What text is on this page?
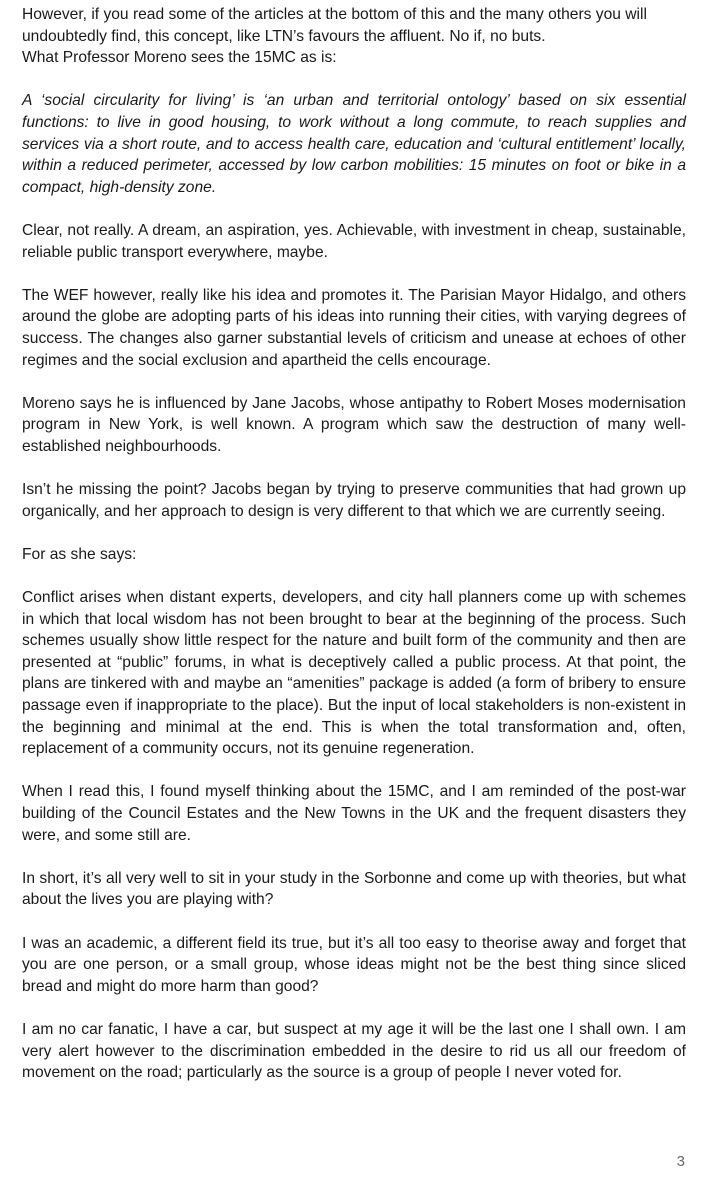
However, if you read some of the articles at the bottom of this and the many others you will undoubtedly find, this concept, like LTN’s favours the affluent. No if, no buts.
What Professor Moreno sees the 15MC as is:

A ‘social circularity for living’ is ‘an urban and territorial ontology’ based on six essential functions: to live in good housing, to work without a long commute, to reach supplies and services via a short route, and to access health care, education and ‘cultural entitlement’ locally, within a reduced perimeter, accessed by low carbon mobilities: 15 minutes on foot or bike in a compact, high-density zone.

Clear, not really. A dream, an aspiration, yes. Achievable, with investment in cheap, sustainable, reliable public transport everywhere, maybe.

The WEF however, really like his idea and promotes it. The Parisian Mayor Hidalgo, and others around the globe are adopting parts of his ideas into running their cities, with varying degrees of success. The changes also garner substantial levels of criticism and unease at echoes of other regimes and the social exclusion and apartheid the cells encourage.

Moreno says he is influenced by Jane Jacobs, whose antipathy to Robert Moses modernisation program in New York, is well known. A program which saw the destruction of many well-established neighbourhoods.

Isn’t he missing the point? Jacobs began by trying to preserve communities that had grown up organically, and her approach to design is very different to that which we are currently seeing.

For as she says:

Conflict arises when distant experts, developers, and city hall planners come up with schemes in which that local wisdom has not been brought to bear at the beginning of the process. Such schemes usually show little respect for the nature and built form of the community and then are presented at “public” forums, in what is deceptively called a public process. At that point, the plans are tinkered with and maybe an “amenities” package is added (a form of bribery to ensure passage even if inappropriate to the place). But the input of local stakeholders is non-existent in the beginning and minimal at the end. This is when the total transformation and, often, replacement of a community occurs, not its genuine regeneration.

When I read this, I found myself thinking about the 15MC, and I am reminded of the post-war building of the Council Estates and the New Towns in the UK and the frequent disasters they were, and some still are.

In short, it’s all very well to sit in your study in the Sorbonne and come up with theories, but what about the lives you are playing with?

I was an academic, a different field its true, but it’s all too easy to theorise away and forget that you are one person, or a small group, whose ideas might not be the best thing since sliced bread and might do more harm than good?

I am no car fanatic, I have a car, but suspect at my age it will be the last one I shall own. I am very alert however to the discrimination embedded in the desire to rid us all our freedom of movement on the road; particularly as the source is a group of people I never voted for.

3
